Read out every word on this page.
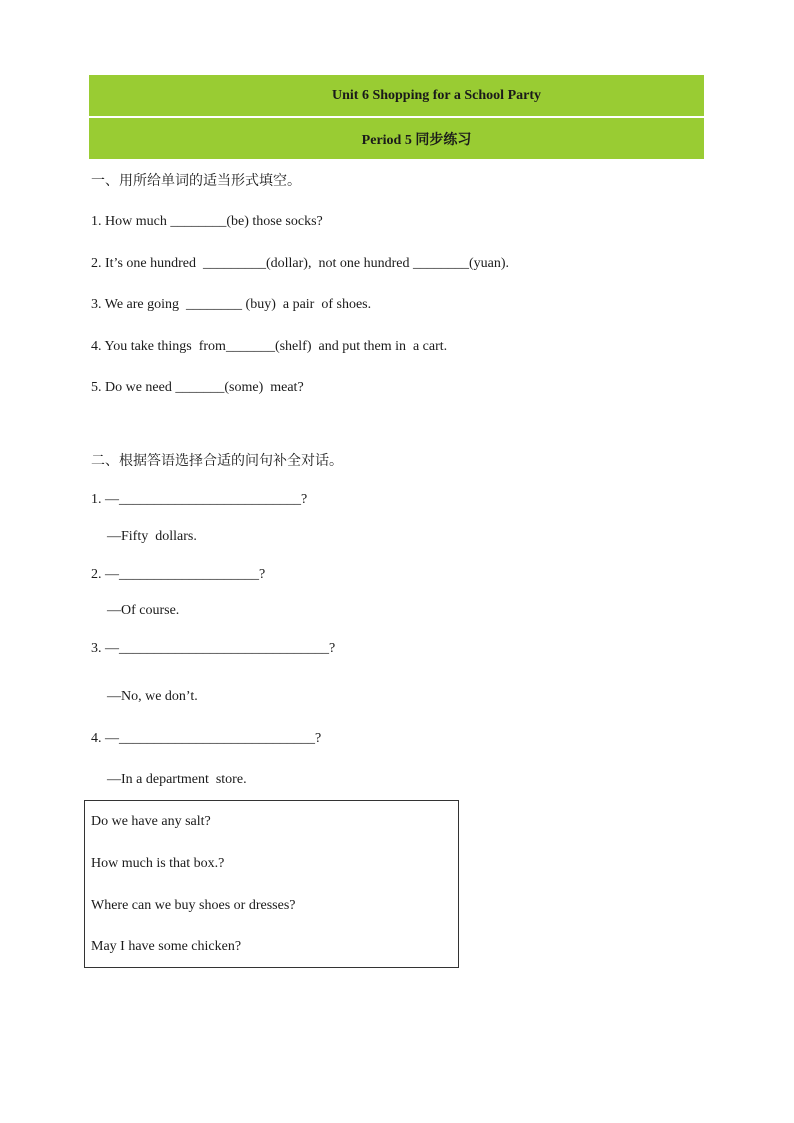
Unit 6 Shopping for a School Party
Period 5 同步练习
一、用所给单词的适当形式填空。
1. How much ________(be) those socks?
2. It’s one hundred  _________(dollar),  not one hundred ________(yuan).
3. We are going  ________ (buy)  a pair  of shoes.
4. You take things  from_______(shelf)  and put them in  a cart.
5. Do we need _______(some)  meat?
二、根据答语选择合适的问句补全对话。
1. —__________________________?
—Fifty  dollars.
2. —____________________?
—Of course.
3. —______________________________?
—No, we don’t.
4. —____________________________?
—In a department  store.
Do we have any salt?
How much is that box.?
Where can we buy shoes or dresses?
May I have some chicken?
